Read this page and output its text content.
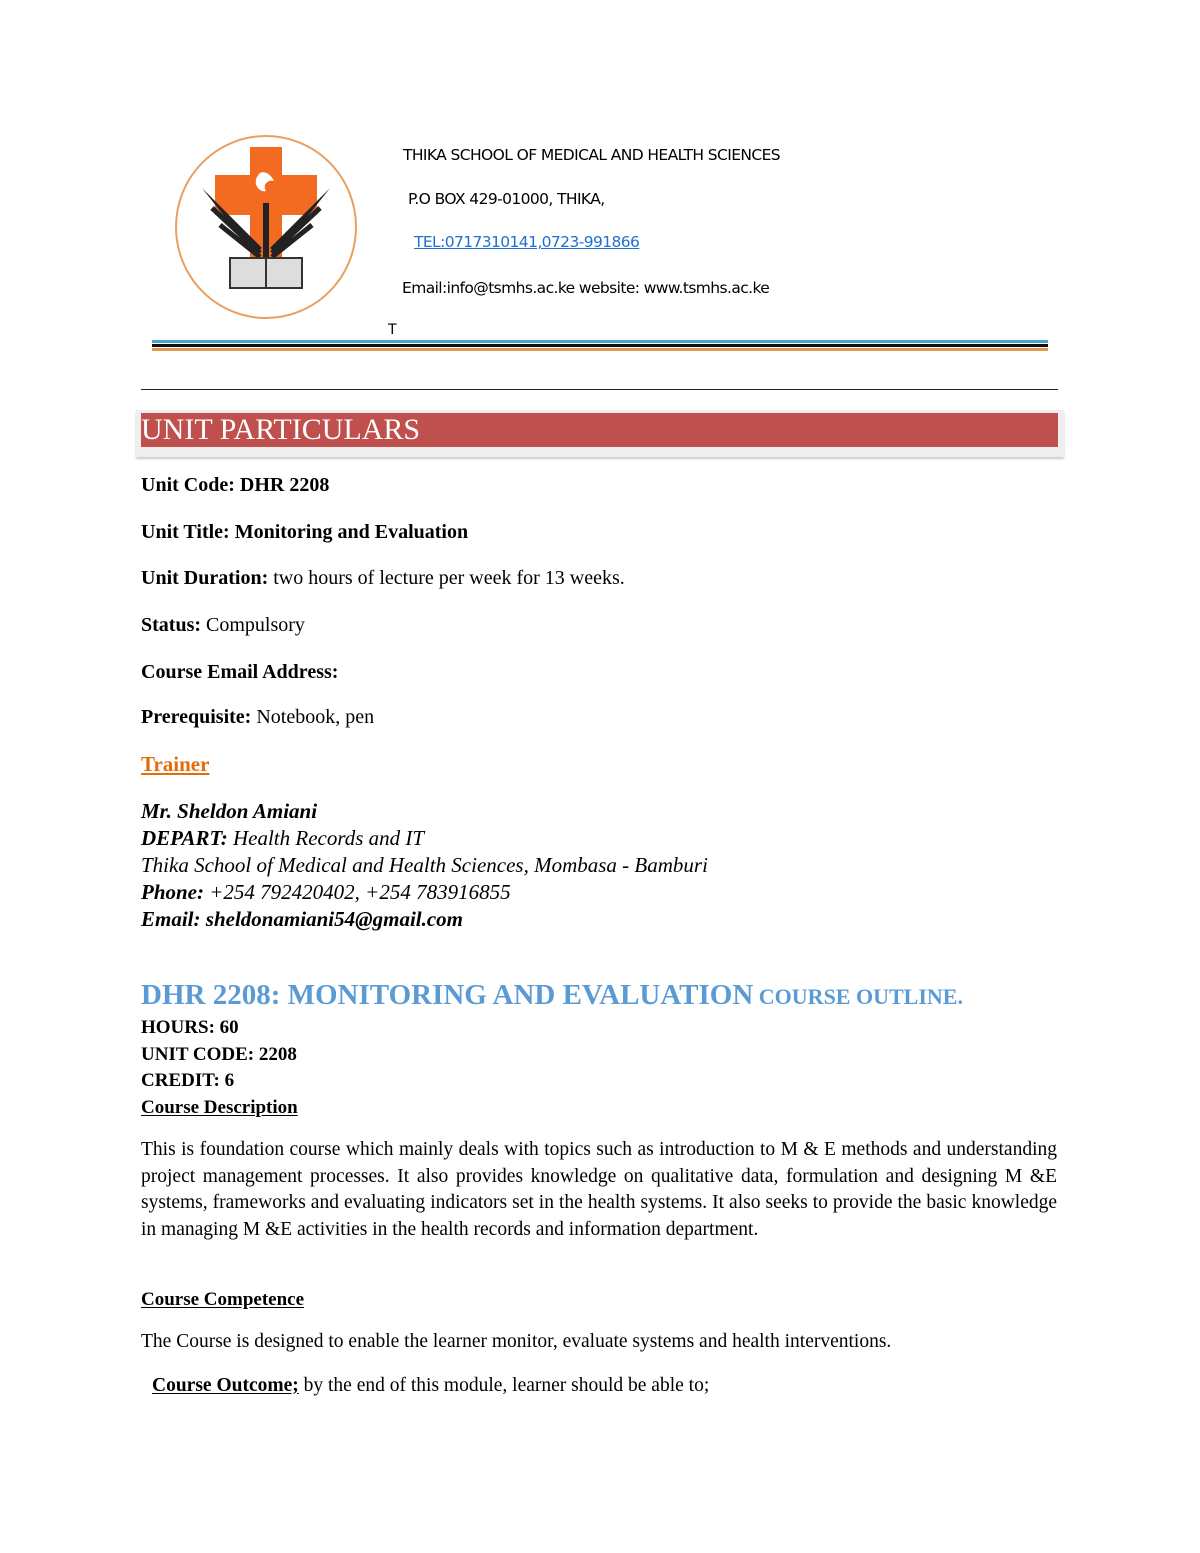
THIKA SCHOOL OF MEDICAL AND HEALTH SCIENCES
P.O BOX 429-01000, THIKA,
TEL:0717310141,0723-991866
Email:info@tsmhs.ac.ke website: www.tsmhs.ac.ke
T
UNIT PARTICULARS
Unit Code: DHR 2208
Unit Title: Monitoring and Evaluation
Unit Duration: two hours of lecture per week for 13 weeks.
Status: Compulsory
Course Email Address:
Prerequisite: Notebook, pen
Trainer
Mr. Sheldon Amiani
DEPART: Health Records and IT
Thika School of Medical and Health Sciences, Mombasa - Bamburi
Phone: +254 792420402, +254 783916855
Email: sheldonamiani54@gmail.com
DHR 2208: MONITORING AND EVALUATION COURSE OUTLINE.
HOURS: 60
UNIT CODE: 2208
CREDIT: 6
Course Description
This is foundation course which mainly deals with topics such as introduction to M & E methods and understanding project management processes. It also provides knowledge on qualitative data, formulation and designing M &E systems, frameworks and evaluating indicators set in the health systems. It also seeks to provide the basic knowledge in managing M &E activities in the health records and information department.
Course Competence
The Course is designed to enable the learner monitor, evaluate systems and health interventions.
Course Outcome; by the end of this module, learner should be able to;
